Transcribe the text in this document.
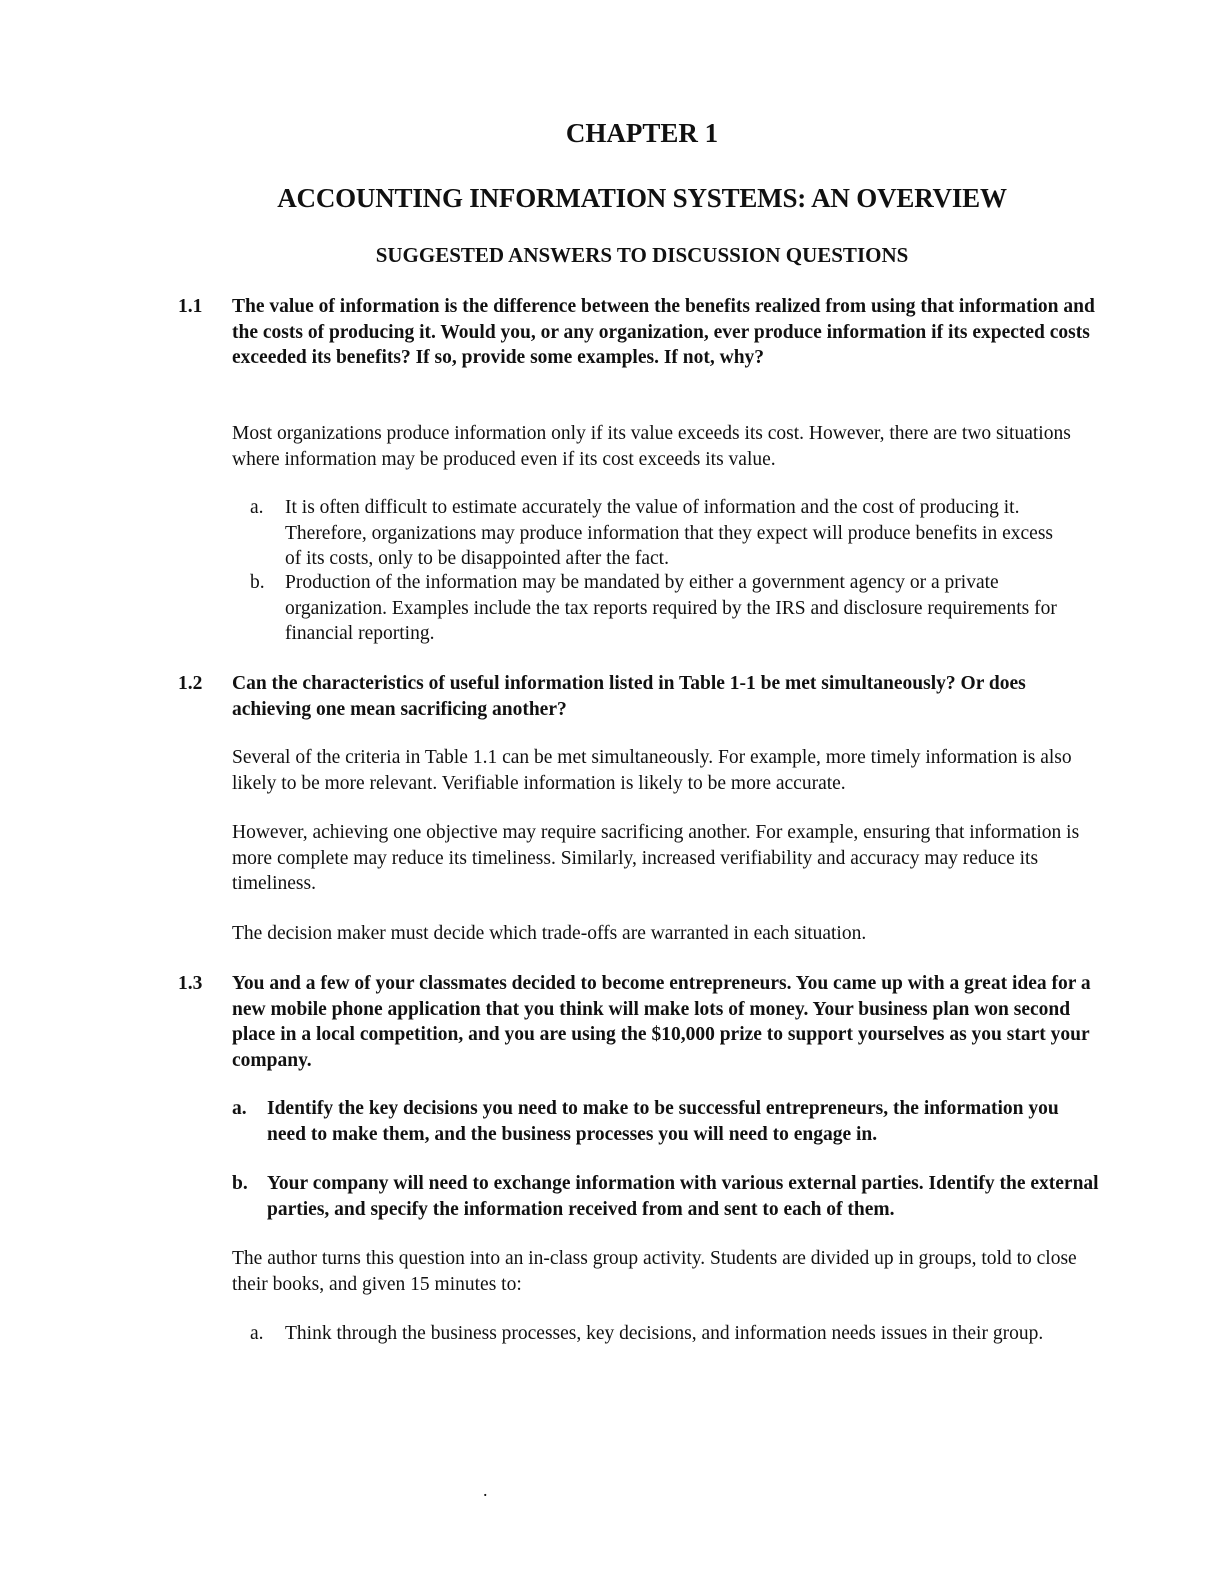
CHAPTER 1
ACCOUNTING INFORMATION SYSTEMS: AN OVERVIEW
SUGGESTED ANSWERS TO DISCUSSION QUESTIONS
1.1 The value of information is the difference between the benefits realized from using that information and the costs of producing it. Would you, or any organization, ever produce information if its expected costs exceeded its benefits? If so, provide some examples. If not, why?

Most organizations produce information only if its value exceeds its cost. However, there are two situations where information may be produced even if its cost exceeds its value.

a. It is often difficult to estimate accurately the value of information and the cost of producing it. Therefore, organizations may produce information that they expect will produce benefits in excess of its costs, only to be disappointed after the fact.
b. Production of the information may be mandated by either a government agency or a private organization. Examples include the tax reports required by the IRS and disclosure requirements for financial reporting.
1.2 Can the characteristics of useful information listed in Table 1-1 be met simultaneously? Or does achieving one mean sacrificing another?

Several of the criteria in Table 1.1 can be met simultaneously. For example, more timely information is also likely to be more relevant. Verifiable information is likely to be more accurate.

However, achieving one objective may require sacrificing another. For example, ensuring that information is more complete may reduce its timeliness. Similarly, increased verifiability and accuracy may reduce its timeliness.

The decision maker must decide which trade-offs are warranted in each situation.

1.3 You and a few of your classmates decided to become entrepreneurs. You came up with a great idea for a new mobile phone application that you think will make lots of money. Your business plan won second place in a local competition, and you are using the $10,000 prize to support yourselves as you start your company.
a. Identify the key decisions you need to make to be successful entrepreneurs, the information you need to make them, and the business processes you will need to engage in.
b. Your company will need to exchange information with various external parties. Identify the external parties, and specify the information received from and sent to each of them.

The author turns this question into an in-class group activity. Students are divided up in groups, told to close their books, and given 15 minutes to:

a. Think through the business processes, key decisions, and information needs issues in their group.
.
